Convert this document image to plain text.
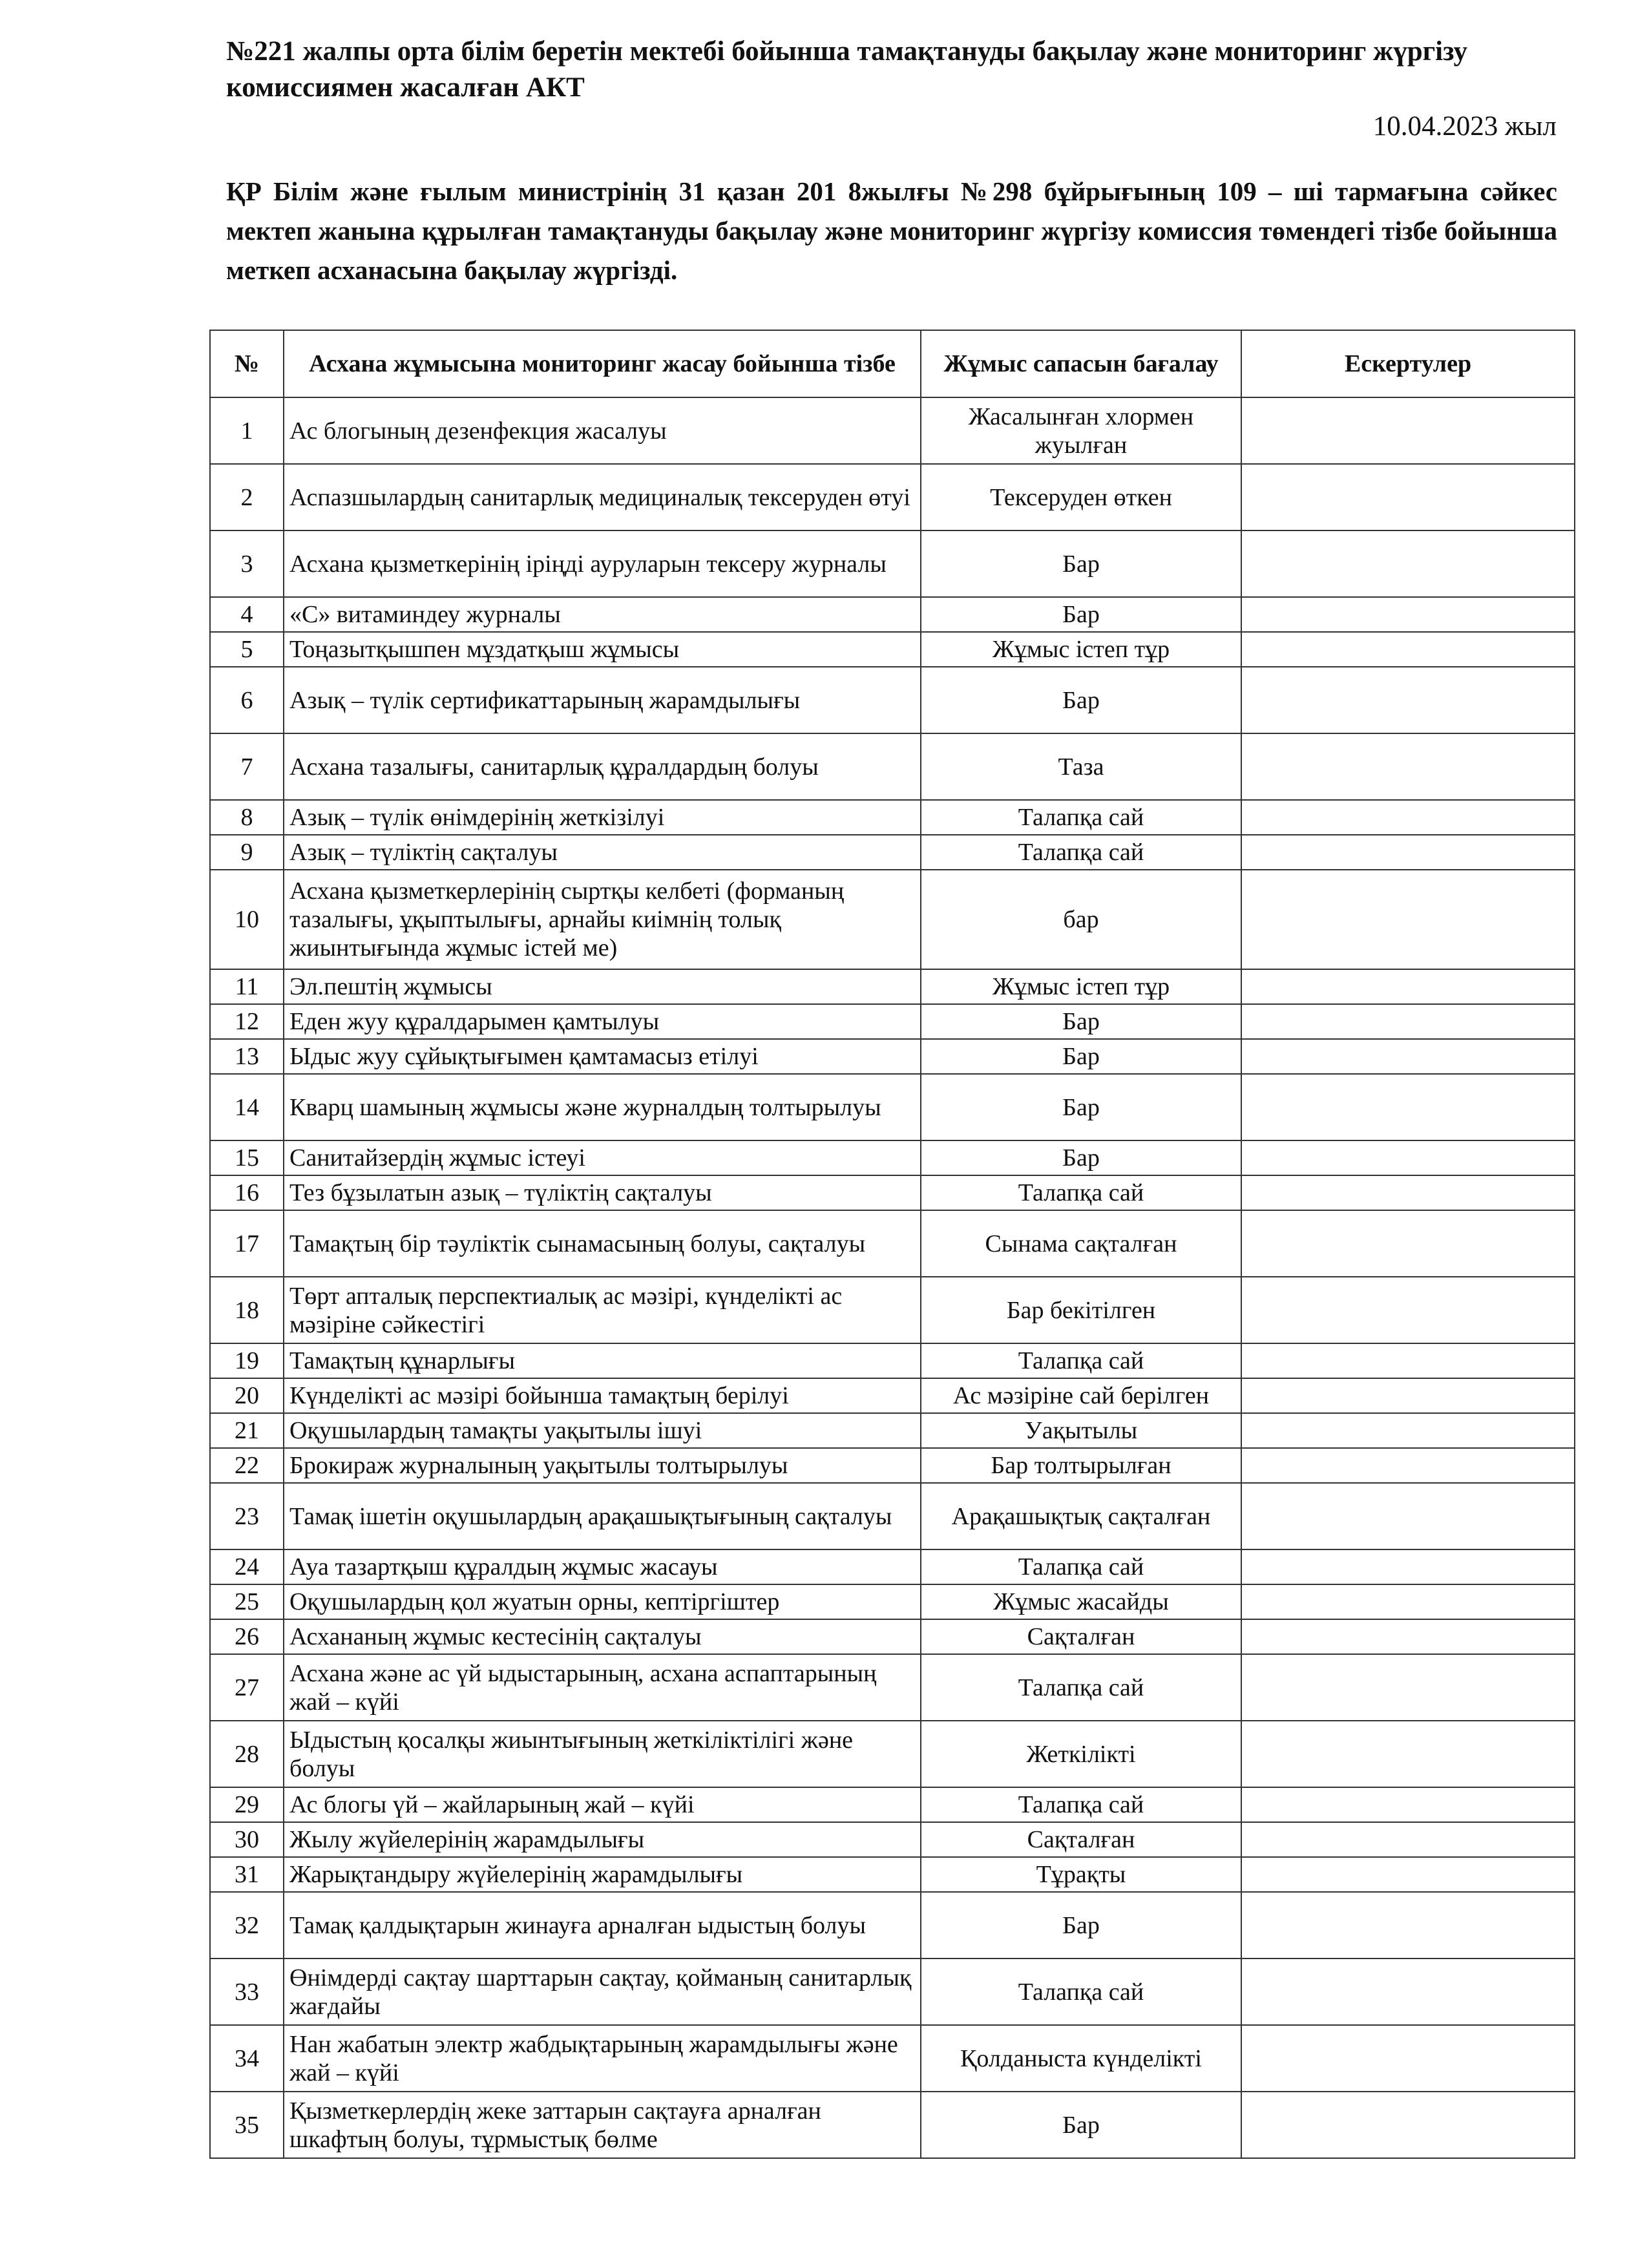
№221 жалпы орта білім беретін мектебі бойынша тамақтануды бақылау және мониторинг жүргізу комиссиямен жасалған АКТ
10.04.2023 жыл
ҚР Білім және ғылым министрінің 31 қазан 201 8жылғы №298 бұйрығының 109 – ші тармағына сәйкес мектеп жанына құрылған тамақтануды бақылау және мониторинг жүргізу комиссия төмендегі тізбе бойынша меткеп асханасына бақылау жүргізді.
№	Асхана жұмысына мониторинг жасау бойынша тізбе	Жұмыс сапасын бағалау	Ескертулер
1	Ас блогының дезенфекция жасалуы	Жасалынған хлормен жуылған	
2	Аспазшылардың санитарлық медициналық тексеруден өтуі	Тексеруден өткен	
3	Асхана қызметкерінің іріңді ауруларын тексеру журналы	Бар	
4	«С» витаминдеу журналы	Бар	
5	Тоңазытқышпен мұздатқыш жұмысы	Жұмыс істеп тұр	
6	Азық – түлік сертификаттарының жарамдылығы	Бар	
7	Асхана тазалығы, санитарлық құралдардың болуы	Таза	
8	Азық – түлік өнімдерінің жеткізілуі	Талапқа сай	
9	Азық – түліктің сақталуы	Талапқа сай	
10	Асхана қызметкерлерінің сыртқы келбеті (форманың тазалығы, ұқыптылығы, арнайы киімнің толық жиынтығында жұмыс істей ме)	бар	
11	Эл.пештің жұмысы	Жұмыс істеп тұр	
12	Еден жуу құралдарымен қамтылуы	Бар	
13	Ыдыс жуу сұйықтығымен қамтамасыз етілуі	Бар	
14	Кварц шамының жұмысы және журналдың толтырылуы	Бар	
15	Санитайзердің жұмыс істеуі	Бар	
16	Тез бұзылатын азық – түліктің сақталуы	Талапқа сай	
17	Тамақтың бір тәуліктік сынамасының болуы, сақталуы	Сынама сақталған	
18	Төрт апталық перспектиалық ас мәзірі, күнделікті ас мәзіріне сәйкестігі	Бар бекітілген	
19	Тамақтың құнарлығы	Талапқа сай	
20	Күнделікті ас мәзірі бойынша тамақтың берілуі	Ас мәзіріне сай берілген	
21	Оқушылардың тамақты уақытылы ішуі	Уақытылы	
22	Брокираж журналының уақытылы толтырылуы	Бар толтырылған	
23	Тамақ ішетін оқушылардың арақашықтығының сақталуы	Арақашықтық сақталған	
24	Ауа тазартқыш құралдың жұмыс жасауы	Талапқа сай	
25	Оқушылардың қол жуатын орны, кептіргіштер	Жұмыс жасайды	
26	Асхананың жұмыс кестесінің сақталуы	Сақталған	
27	Асхана және ас үй ыдыстарының, асхана аспаптарының жай – күйі	Талапқа сай	
28	Ыдыстың қосалқы жиынтығының жеткіліктілігі және болуы	Жеткілікті	
29	Ас блогы үй – жайларының жай – күйі	Талапқа сай	
30	Жылу жүйелерінің жарамдылығы	Сақталған	
31	Жарықтандыру жүйелерінің жарамдылығы	Тұрақты	
32	Тамақ қалдықтарын жинауға арналған ыдыстың болуы	Бар	
33	Өнімдерді сақтау шарттарын сақтау, қойманың санитарлық жағдайы	Талапқа сай	
34	Нан жабатын электр жабдықтарының жарамдылығы және жай – күйі	Қолданыста күнделікті	
35	Қызметкерлердің жеке заттарын сақтауға арналған шкафтың болуы, тұрмыстық бөлме	Бар	
